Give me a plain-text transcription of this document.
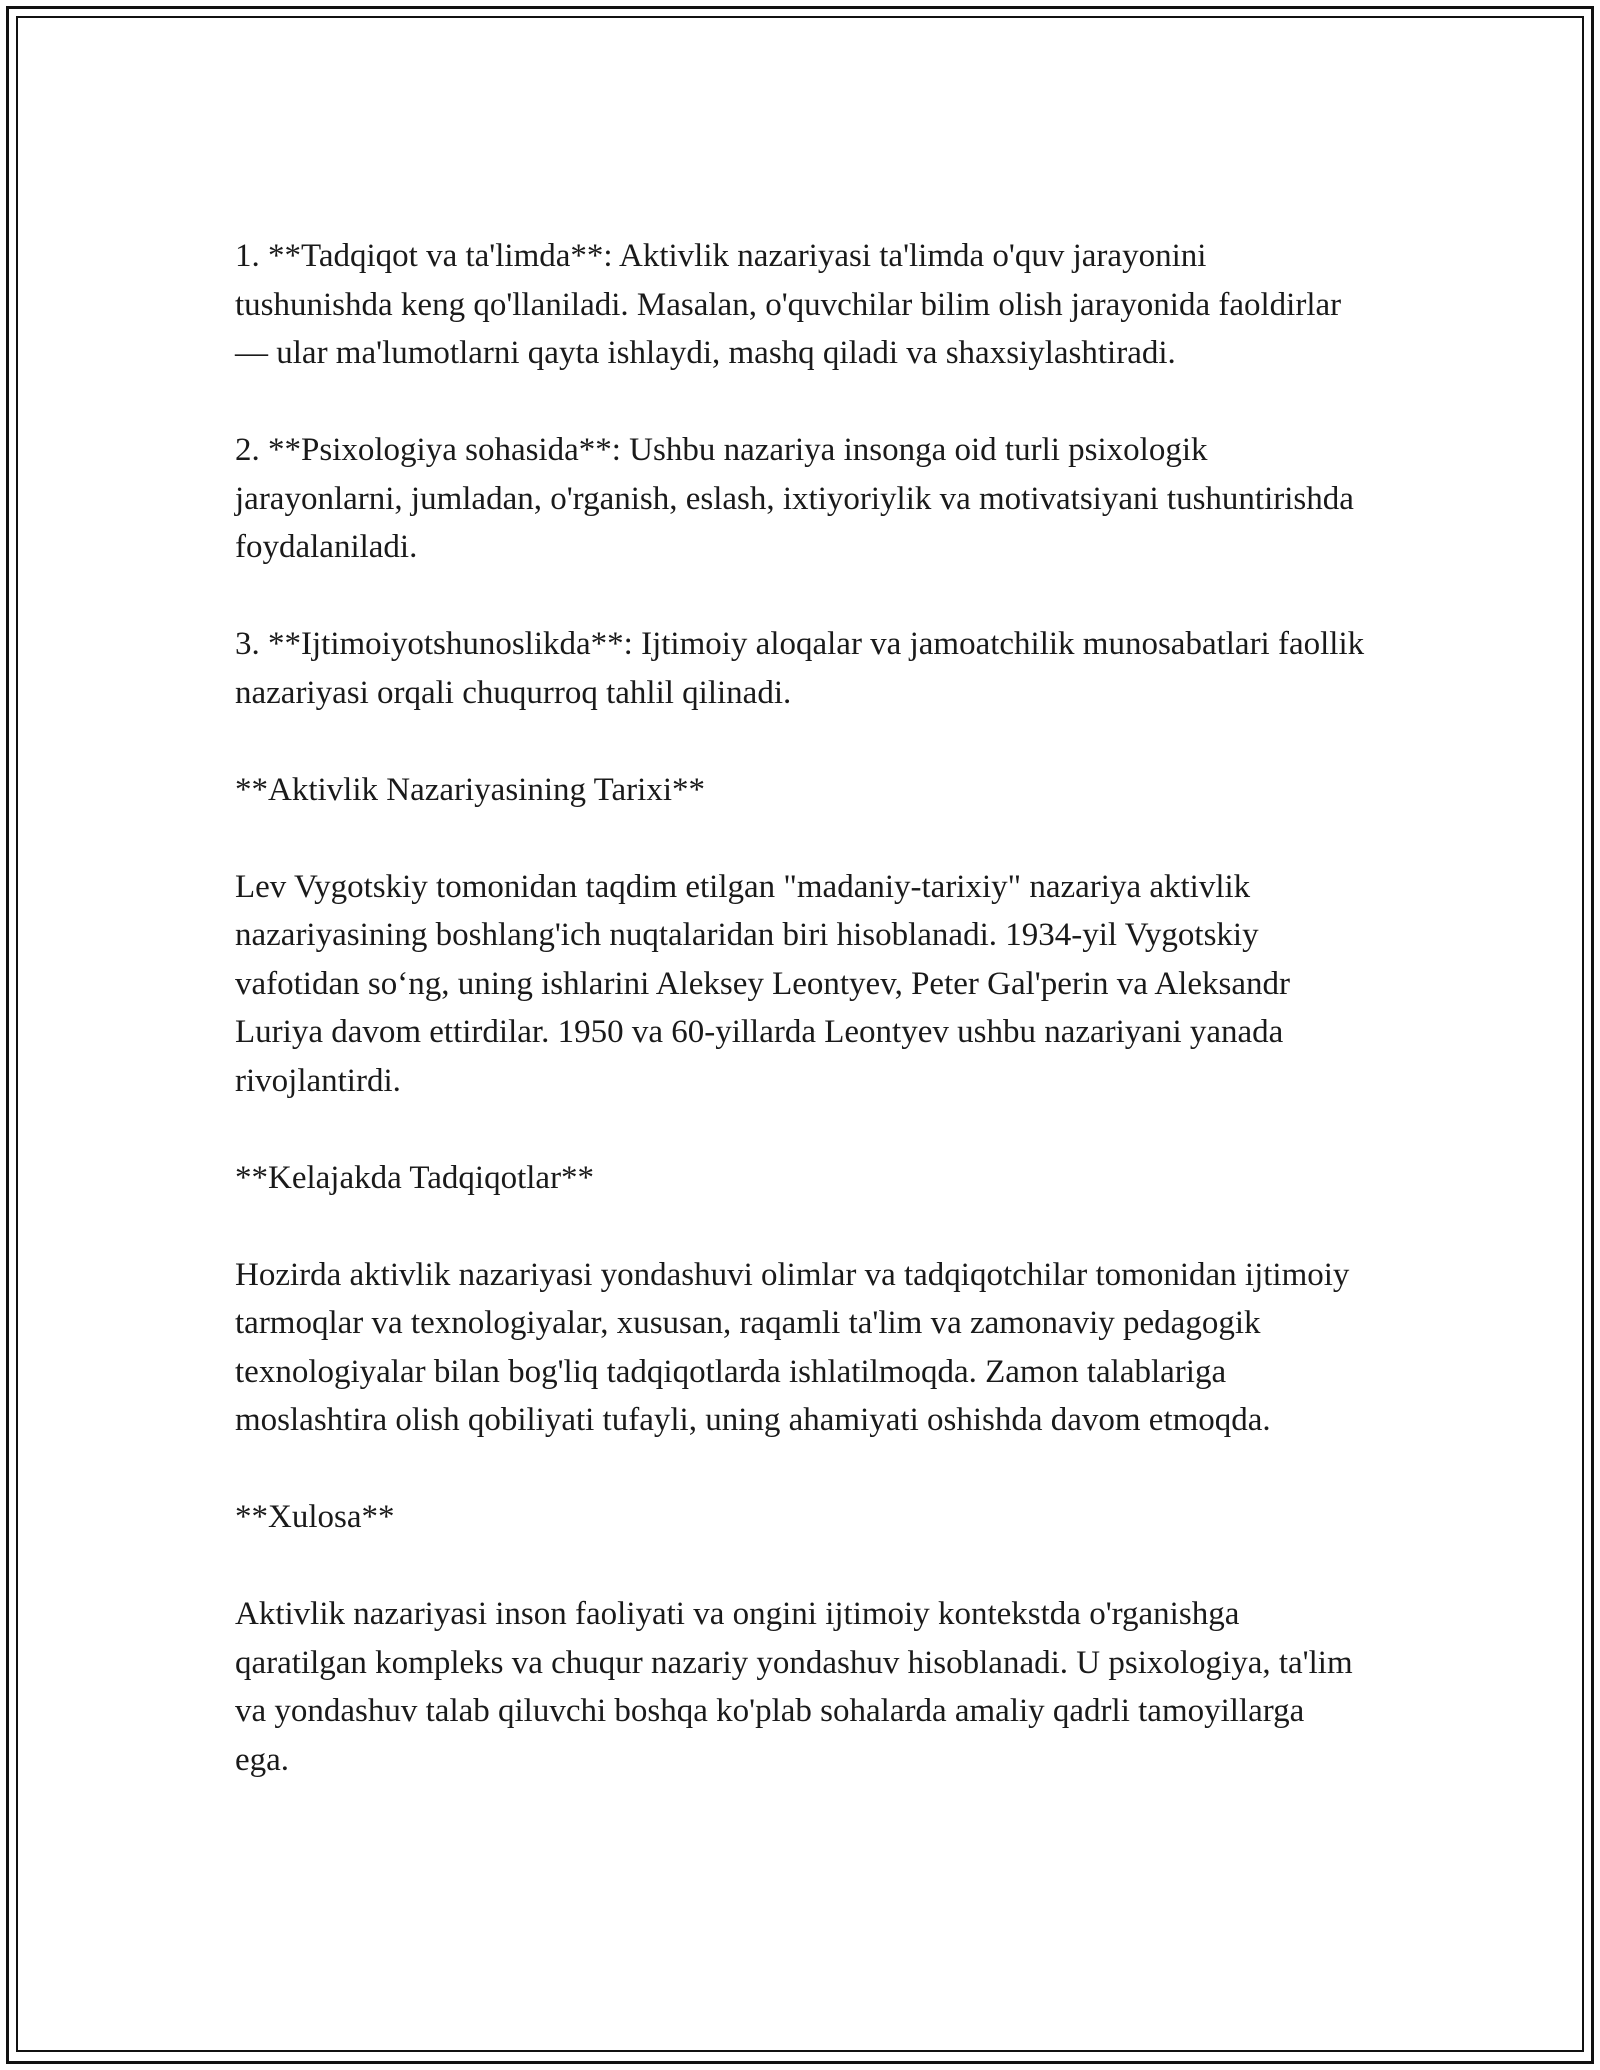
1. **Tadqiqot va ta'limda**: Aktivlik nazariyasi ta'limda o'quv jarayonini tushunishda keng qo'llaniladi. Masalan, o'quvchilar bilim olish jarayonida faoldirlar — ular ma'lumotlarni qayta ishlaydi, mashq qiladi va shaxsiylashtiradi.

2. **Psixologiya sohasida**: Ushbu nazariya insonga oid turli psixologik jarayonlarni, jumladan, o'rganish, eslash, ixtiyoriylik va motivatsiyani tushuntirishda foydalaniladi.

3. **Ijtimoiyotshunoslikda**: Ijtimoiy aloqalar va jamoatchilik munosabatlari faollik nazariyasi orqali chuqurroq tahlil qilinadi.

**Aktivlik Nazariyasining Tarixi**

Lev Vygotskiy tomonidan taqdim etilgan "madaniy-tarixiy" nazariya aktivlik nazariyasining boshlang'ich nuqtalaridan biri hisoblanadi. 1934-yil Vygotskiy vafotidan so‘ng, uning ishlarini Aleksey Leontyev, Peter Gal'perin va Aleksandr Luriya davom ettirdilar. 1950 va 60-yillarda Leontyev ushbu nazariyani yanada rivojlantirdi.

**Kelajakda Tadqiqotlar**

Hozirda aktivlik nazariyasi yondashuvi olimlar va tadqiqotchilar tomonidan ijtimoiy tarmoqlar va texnologiyalar, xususan, raqamli ta'lim va zamonaviy pedagogik texnologiyalar bilan bog'liq tadqiqotlarda ishlatilmoqda. Zamon talablariga moslashtira olish qobiliyati tufayli, uning ahamiyati oshishda davom etmoqda.

**Xulosa**

Aktivlik nazariyasi inson faoliyati va ongini ijtimoiy kontekstda o'rganishga qaratilgan kompleks va chuqur nazariy yondashuv hisoblanadi. U psixologiya, ta'lim va yondashuv talab qiluvchi boshqa ko'plab sohalarda amaliy qadrli tamoyillarga ega.
